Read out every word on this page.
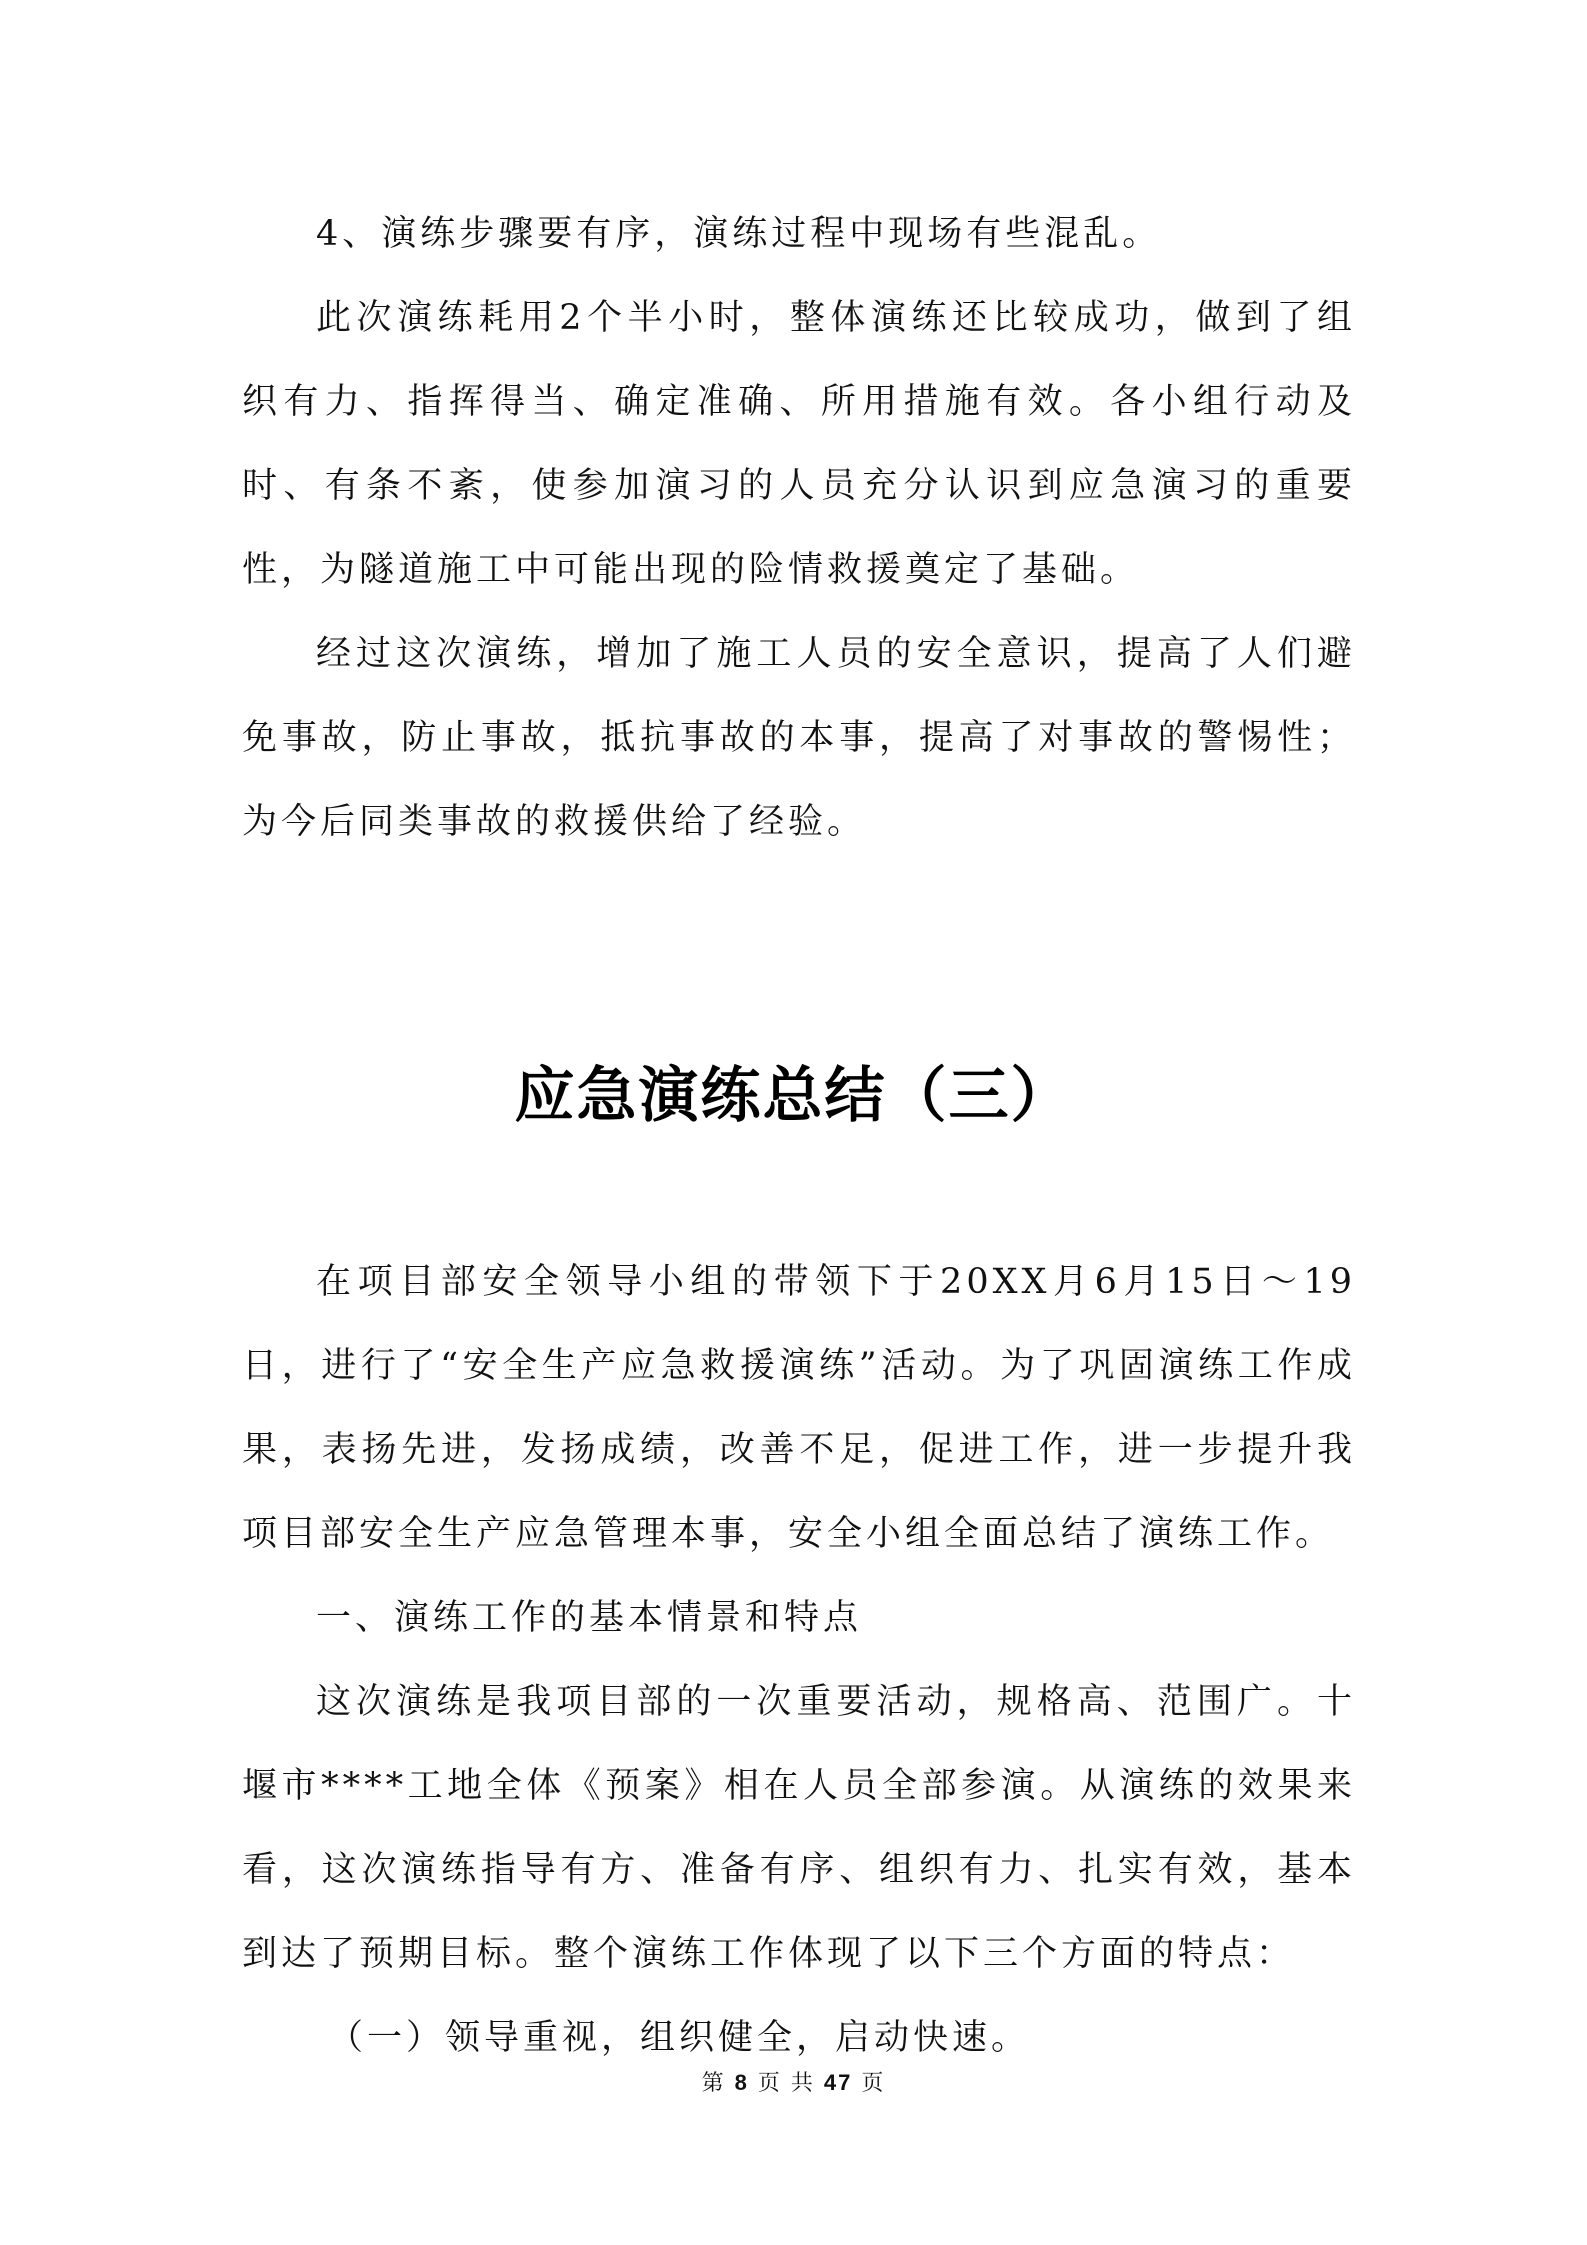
4、演练步骤要有序，演练过程中现场有些混乱。

此次演练耗用2个半小时，整体演练还比较成功，做到了组织有力、指挥得当、确定准确、所用措施有效。各小组行动及时、有条不紊，使参加演习的人员充分认识到应急演习的重要性，为隧道施工中可能出现的险情救援奠定了基础。

经过这次演练，增加了施工人员的安全意识，提高了人们避免事故，防止事故，抵抗事故的本事，提高了对事故的警惕性；为今后同类事故的救援供给了经验。

应急演练总结（三）

在项目部安全领导小组的带领下于20XX月6月15日～19日，进行了“安全生产应急救援演练”活动。为了巩固演练工作成果，表扬先进，发扬成绩，改善不足，促进工作，进一步提升我项目部安全生产应急管理本事，安全小组全面总结了演练工作。

一、演练工作的基本情景和特点

这次演练是我项目部的一次重要活动，规格高、范围广。十堰市****工地全体《预案》相在人员全部参演。从演练的效果来看，这次演练指导有方、准备有序、组织有力、扎实有效，基本到达了预期目标。整个演练工作体现了以下三个方面的特点：

（一）领导重视，组织健全，启动快速。

第 8 页 共 47 页
